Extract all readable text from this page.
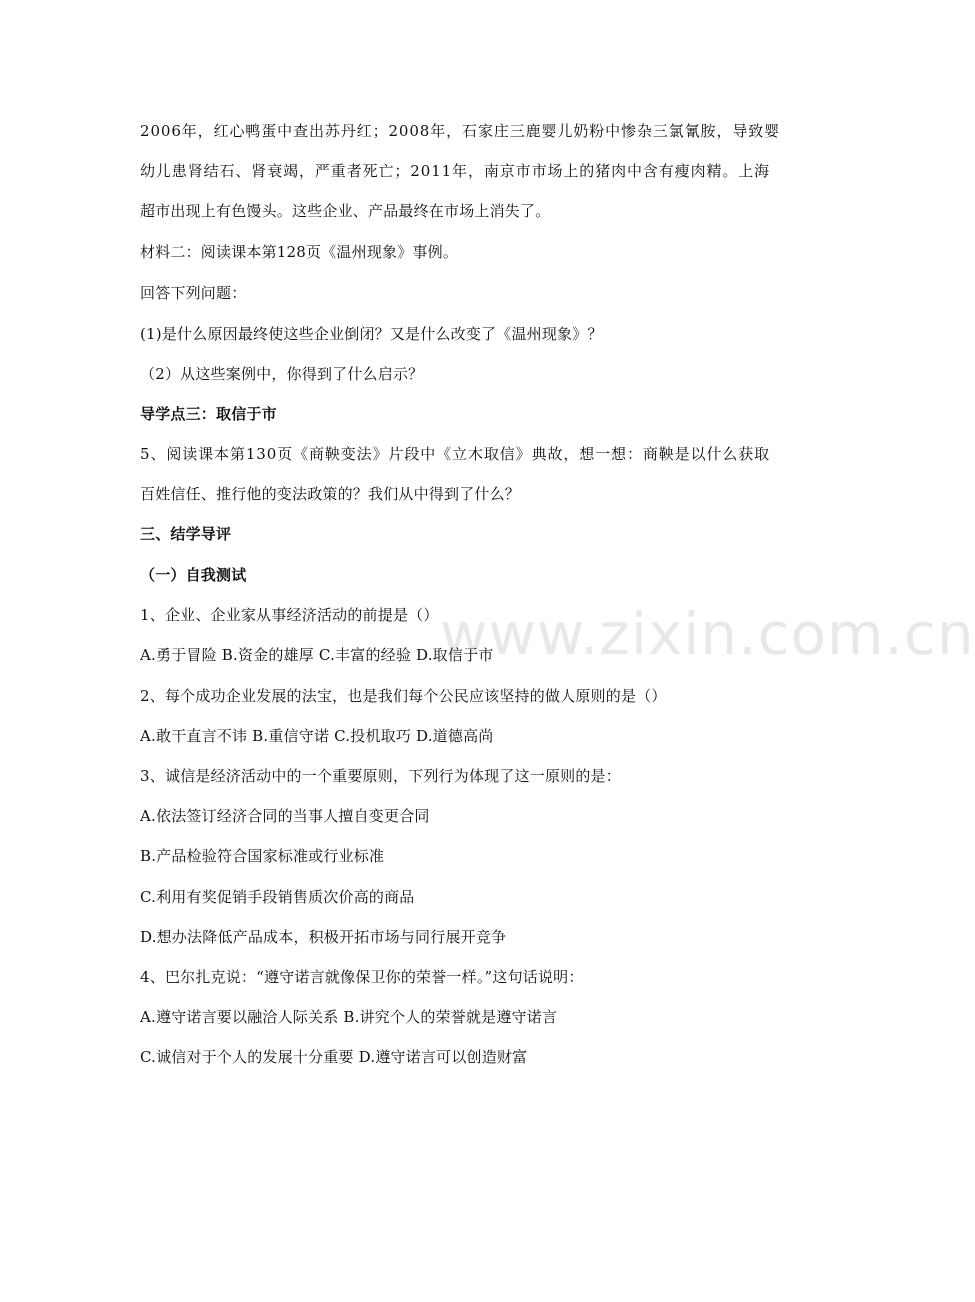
2006年，红心鸭蛋中查出苏丹红；2008年，石家庄三鹿婴儿奶粉中惨杂三氯氰胺，导致婴
幼儿患肾结石、肾衰竭，严重者死亡；2011年，南京市市场上的猪肉中含有瘦肉精。上海
超市出现上有色馒头。这些企业、产品最终在市场上消失了。
材料二：阅读课本第128页《温州现象》事例。
回答下列问题：
(1)是什么原因最终使这些企业倒闭？又是什么改变了《温州现象》？
（2）从这些案例中，你得到了什么启示？
导学点三：取信于市
5、阅读课本第130页《商鞅变法》片段中《立木取信》典故，想一想：商鞅是以什么获取
百姓信任、推行他的变法政策的？我们从中得到了什么？
三、结学导评
（一）自我测试
1、企业、企业家从事经济活动的前提是（）
A.勇于冒险 B.资金的雄厚 C.丰富的经验 D.取信于市
2、每个成功企业发展的法宝，也是我们每个公民应该坚持的做人原则的是（）
A.敢干直言不讳 B.重信守诺 C.投机取巧 D.道德高尚
3、诚信是经济活动中的一个重要原则，下列行为体现了这一原则的是：
A.依法签订经济合同的当事人擅自变更合同
B.产品检验符合国家标准或行业标准
C.利用有奖促销手段销售质次价高的商品
D.想办法降低产品成本，积极开拓市场与同行展开竞争
4、巴尔扎克说：“遵守诺言就像保卫你的荣誉一样。”这句话说明：
A.遵守诺言要以融洽人际关系 B.讲究个人的荣誉就是遵守诺言
C.诚信对于个人的发展十分重要 D.遵守诺言可以创造财富
www.zixin.com.cn
